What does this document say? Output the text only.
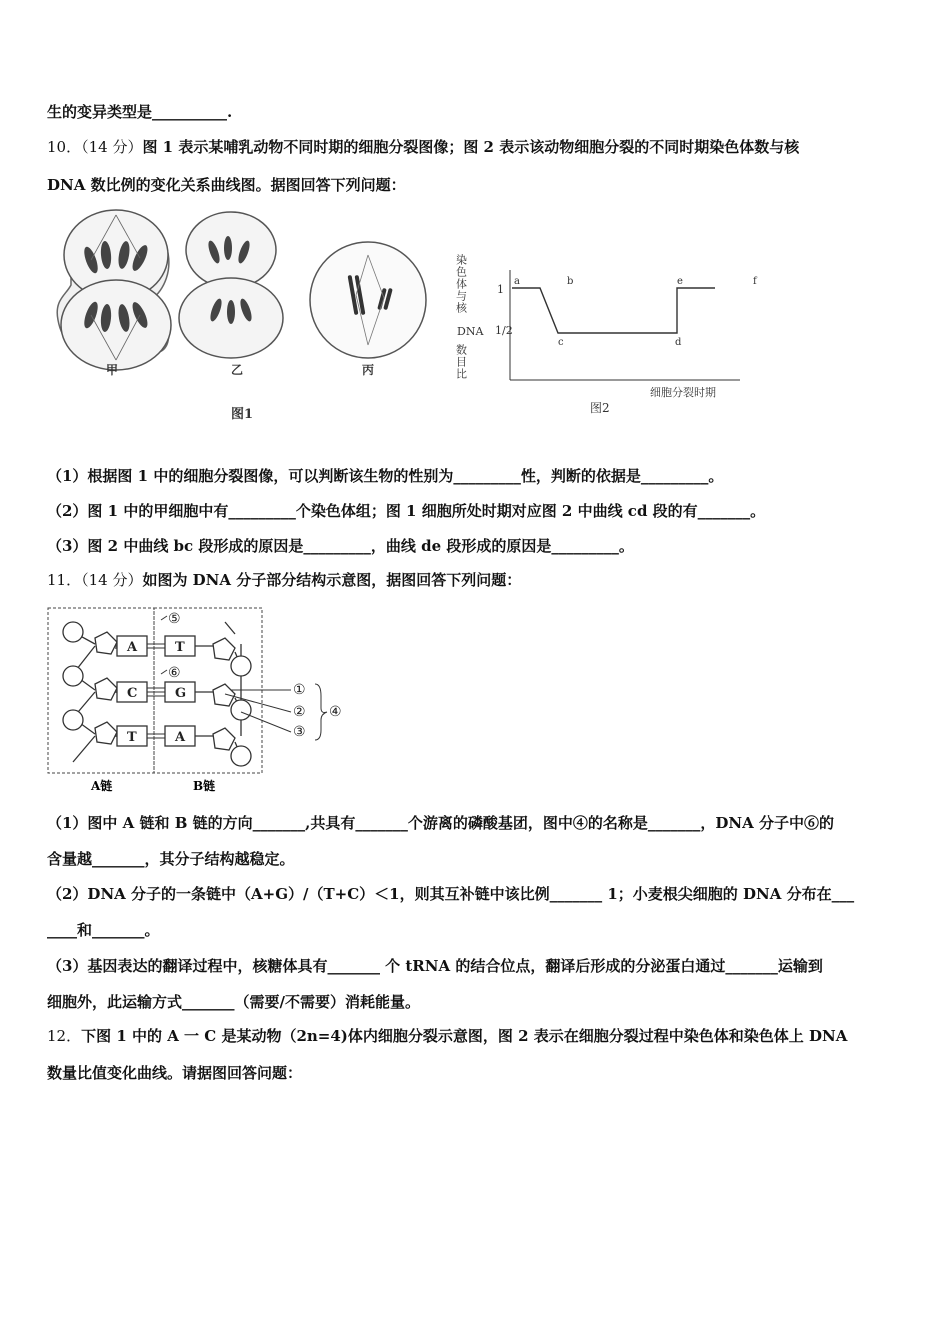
生的变异类型是__________.
10．（14 分）图 1 表示某哺乳动物不同时期的细胞分裂图像；图 2 表示该动物细胞分裂的不同时期染色体数与核
DNA 数比例的变化关系曲线图。据图回答下列问题：
甲	乙	丙
图1
染色体与核
DNA
数目比
1
1/2
细胞分裂时期
图2
a	b
c	d
e	f
（1）根据图 1 中的细胞分裂图像，可以判断该生物的性别为_________性，判断的依据是_________。
（2）图 1 中的甲细胞中有_________个染色体组；图 1 细胞所处时期对应图 2 中曲线 cd 段的有_______。
（3）图 2 中曲线 bc 段形成的原因是_________，曲线 de 段形成的原因是_________。
11．（14 分）如图为 DNA 分子部分结构示意图，据图回答下列问题：
A	T
C	G
T	A
⑤
⑥
①
②
③
④
A链	B链
（1）图中 A 链和 B 链的方向_______,共具有_______个游离的磷酸基团，图中④的名称是_______，DNA 分子中⑥的
含量越_______，其分子结构越稳定。
（2）DNA 分子的一条链中（A+G）/（T+C）＜1，则其互补链中该比例_______ 1；小麦根尖细胞的 DNA 分布在___
____和_______。
（3）基因表达的翻译过程中，核糖体具有_______ 个 tRNA 的结合位点，翻译后形成的分泌蛋白通过_______运输到
细胞外，此运输方式_______（需要/不需要）消耗能量。
12．下图 1 中的 A 一 C 是某动物（2n=4)体内细胞分裂示意图，图 2 表示在细胞分裂过程中染色体和染色体上 DNA
数量比值变化曲线。请据图回答问题：
